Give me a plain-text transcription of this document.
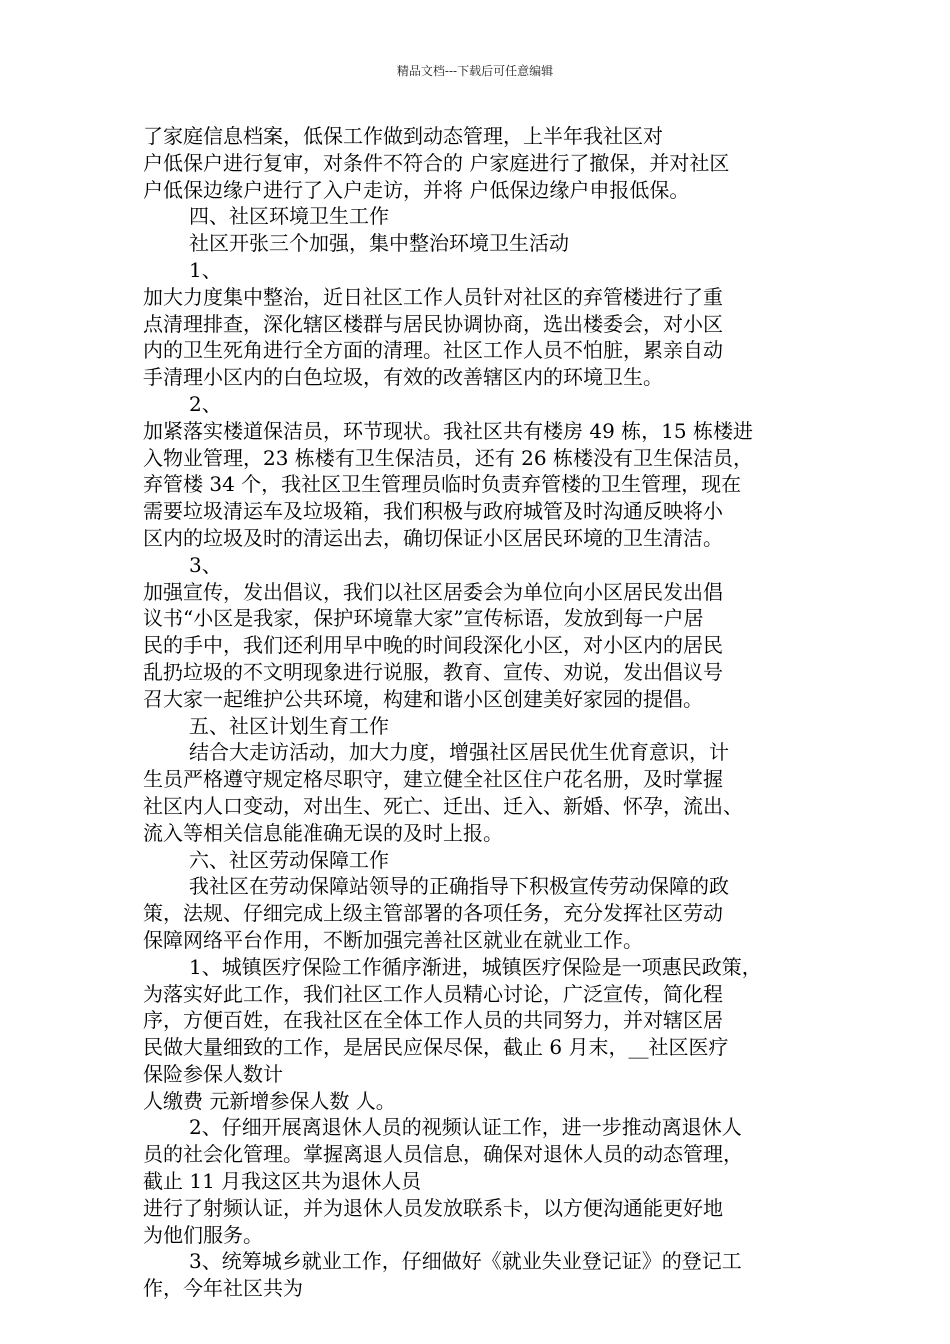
精品文档---下载后可任意编辑

了家庭信息档案，低保工作做到动态管理，上半年我社区对

户低保户进行复审，对条件不符合的 户家庭进行了撤保，并对社区

户低保边缘户进行了入户走访，并将 户低保边缘户申报低保。

四、社区环境卫生工作

社区开张三个加强，集中整治环境卫生活动

1、

加大力度集中整治，近日社区工作人员针对社区的弃管楼进行了重

点清理排查，深化辖区楼群与居民协调协商，选出楼委会，对小区

内的卫生死角进行全方面的清理。社区工作人员不怕脏，累亲自动

手清理小区内的白色垃圾，有效的改善辖区内的环境卫生。

2、

加紧落实楼道保洁员，环节现状。我社区共有楼房 49 栋，15 栋楼进

入物业管理，23 栋楼有卫生保洁员，还有 26 栋楼没有卫生保洁员，

弃管楼 34 个，我社区卫生管理员临时负责弃管楼的卫生管理，现在

需要垃圾清运车及垃圾箱，我们积极与政府城管及时沟通反映将小

区内的垃圾及时的清运出去，确切保证小区居民环境的卫生清洁。

3、

加强宣传，发出倡议，我们以社区居委会为单位向小区居民发出倡

议书“小区是我家，保护环境靠大家”宣传标语，发放到每一户居

民的手中，我们还利用早中晚的时间段深化小区，对小区内的居民

乱扔垃圾的不文明现象进行说服，教育、宣传、劝说，发出倡议号

召大家一起维护公共环境，构建和谐小区创建美好家园的提倡。

五、社区计划生育工作

结合大走访活动，加大力度，增强社区居民优生优育意识，计

生员严格遵守规定格尽职守，建立健全社区住户花名册，及时掌握

社区内人口变动，对出生、死亡、迁出、迁入、新婚、怀孕，流出、

流入等相关信息能准确无误的及时上报。

六、社区劳动保障工作

我社区在劳动保障站领导的正确指导下积极宣传劳动保障的政

策，法规、仔细完成上级主管部署的各项任务，充分发挥社区劳动

保障网络平台作用，不断加强完善社区就业在就业工作。

1、城镇医疗保险工作循序渐进，城镇医疗保险是一项惠民政策，

为落实好此工作，我们社区工作人员精心讨论，广泛宣传，简化程

序，方便百姓，在我社区在全体工作人员的共同努力，并对辖区居

民做大量细致的工作，是居民应保尽保，截止 6 月末，__社区医疗

保险参保人数计

人缴费 元新增参保人数 人。

2、仔细开展离退休人员的视频认证工作，进一步推动离退休人

员的社会化管理。掌握离退人员信息，确保对退休人员的动态管理，

截止 11 月我这区共为退休人员

进行了射频认证，并为退休人员发放联系卡，以方便沟通能更好地

为他们服务。

3、统筹城乡就业工作，仔细做好《就业失业登记证》的登记工

作，今年社区共为
